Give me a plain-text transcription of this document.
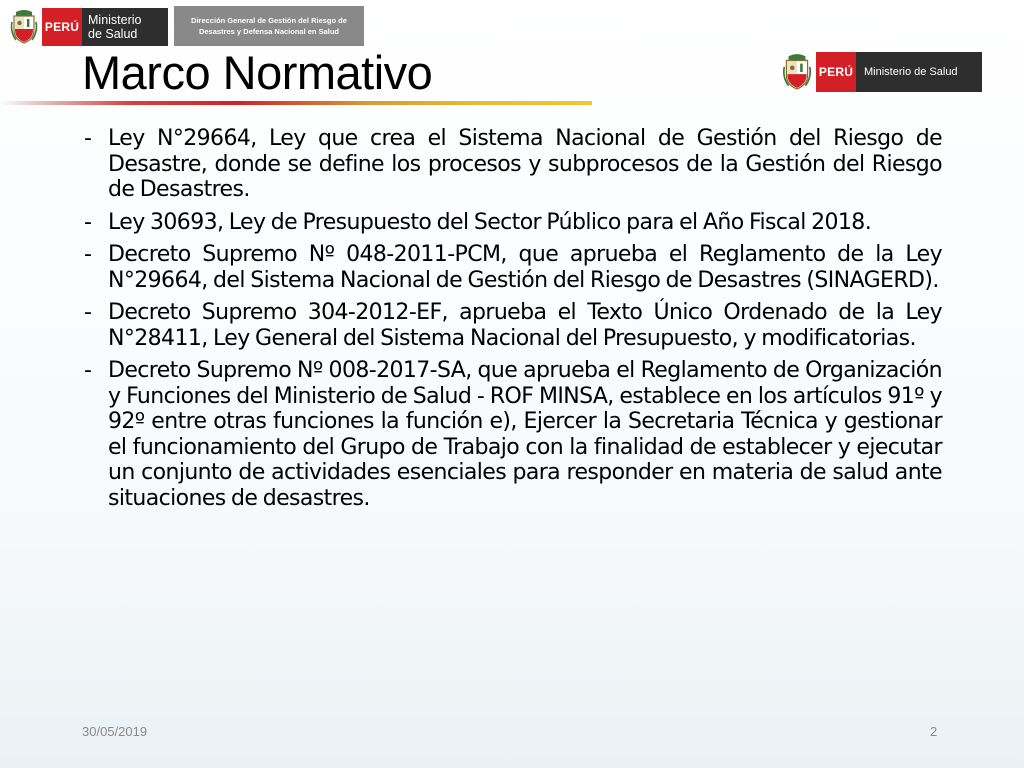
PERÚ Ministerio
de Salud
Dirección General de Gestión del Riesgo de
Desastres y Defensa Nacional en Salud
PERÚ Ministerio de Salud
Marco Normativo
- Ley N°29664, Ley que crea el Sistema Nacional de Gestión del Riesgo de Desastre, donde se define los procesos y subprocesos de la Gestión del Riesgo de Desastres.
- Ley 30693, Ley de Presupuesto del Sector Público para el Año Fiscal 2018.
- Decreto Supremo Nº 048-2011-PCM, que aprueba el Reglamento de la Ley N°29664, del Sistema Nacional de Gestión del Riesgo de Desastres (SINAGERD).
- Decreto Supremo 304-2012-EF, aprueba el Texto Único Ordenado de la Ley N°28411, Ley General del Sistema Nacional del Presupuesto, y modificatorias.
- Decreto Supremo Nº 008-2017-SA, que aprueba el Reglamento de Organización y Funciones del Ministerio de Salud - ROF MINSA, establece en los artículos 91º y 92º entre otras funciones la función e), Ejercer la Secretaria Técnica y gestionar el funcionamiento del Grupo de Trabajo con la finalidad de establecer y ejecutar un conjunto de actividades esenciales para responder en materia de salud ante situaciones de desastres.
30/05/2019	2
